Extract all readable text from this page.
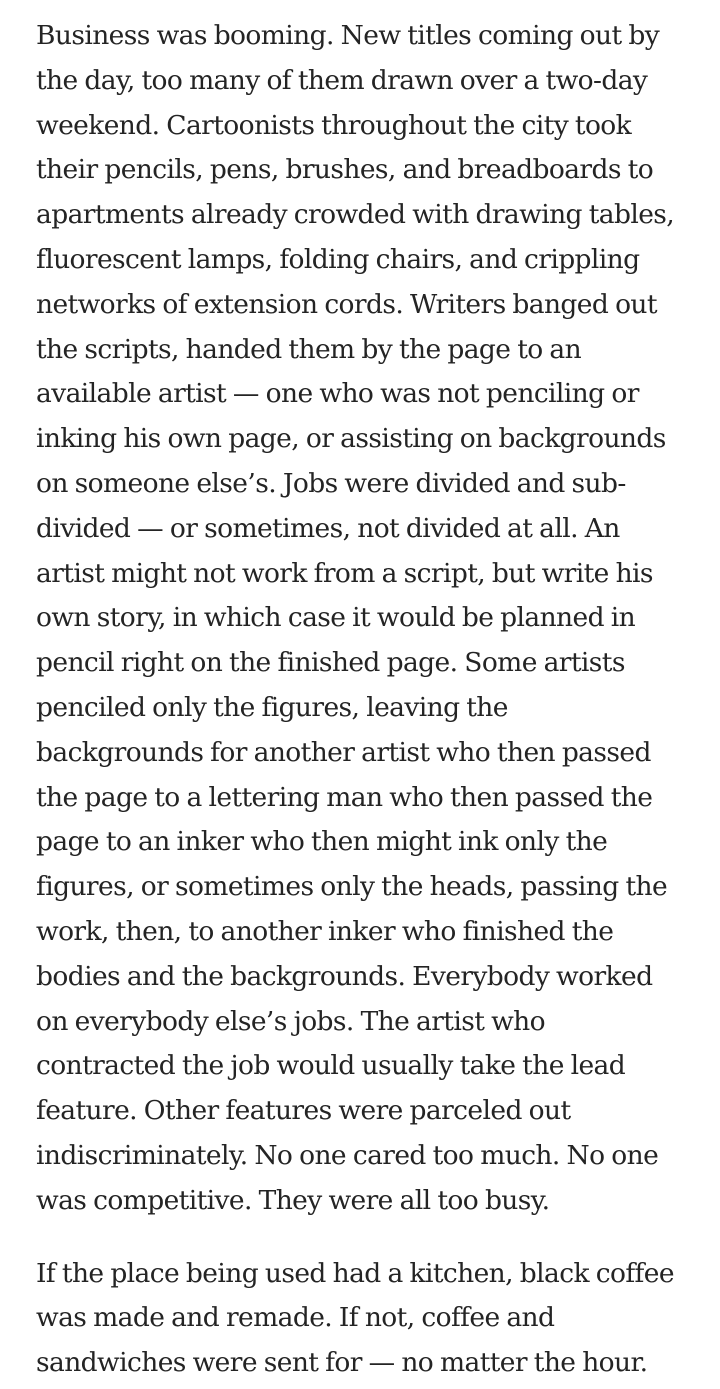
Business was booming. New titles coming out by
the day, too many of them drawn over a two-day
weekend. Cartoonists throughout the city took
their pencils, pens, brushes, and breadboards to
apartments already crowded with drawing tables,
fluorescent lamps, folding chairs, and crippling
networks of extension cords. Writers banged out
the scripts, handed them by the page to an
available artist — one who was not penciling or
inking his own page, or assisting on backgrounds
on someone else’s. Jobs were divided and sub-
divided — or sometimes, not divided at all. An
artist might not work from a script, but write his
own story, in which case it would be planned in
pencil right on the finished page. Some artists
penciled only the figures, leaving the
backgrounds for another artist who then passed
the page to a lettering man who then passed the
page to an inker who then might ink only the
figures, or sometimes only the heads, passing the
work, then, to another inker who finished the
bodies and the backgrounds. Everybody worked
on everybody else’s jobs. The artist who
contracted the job would usually take the lead
feature. Other features were parceled out
indiscriminately. No one cared too much. No one
was competitive. They were all too busy.
If the place being used had a kitchen, black coffee
was made and remade. If not, coffee and
sandwiches were sent for — no matter the hour.
